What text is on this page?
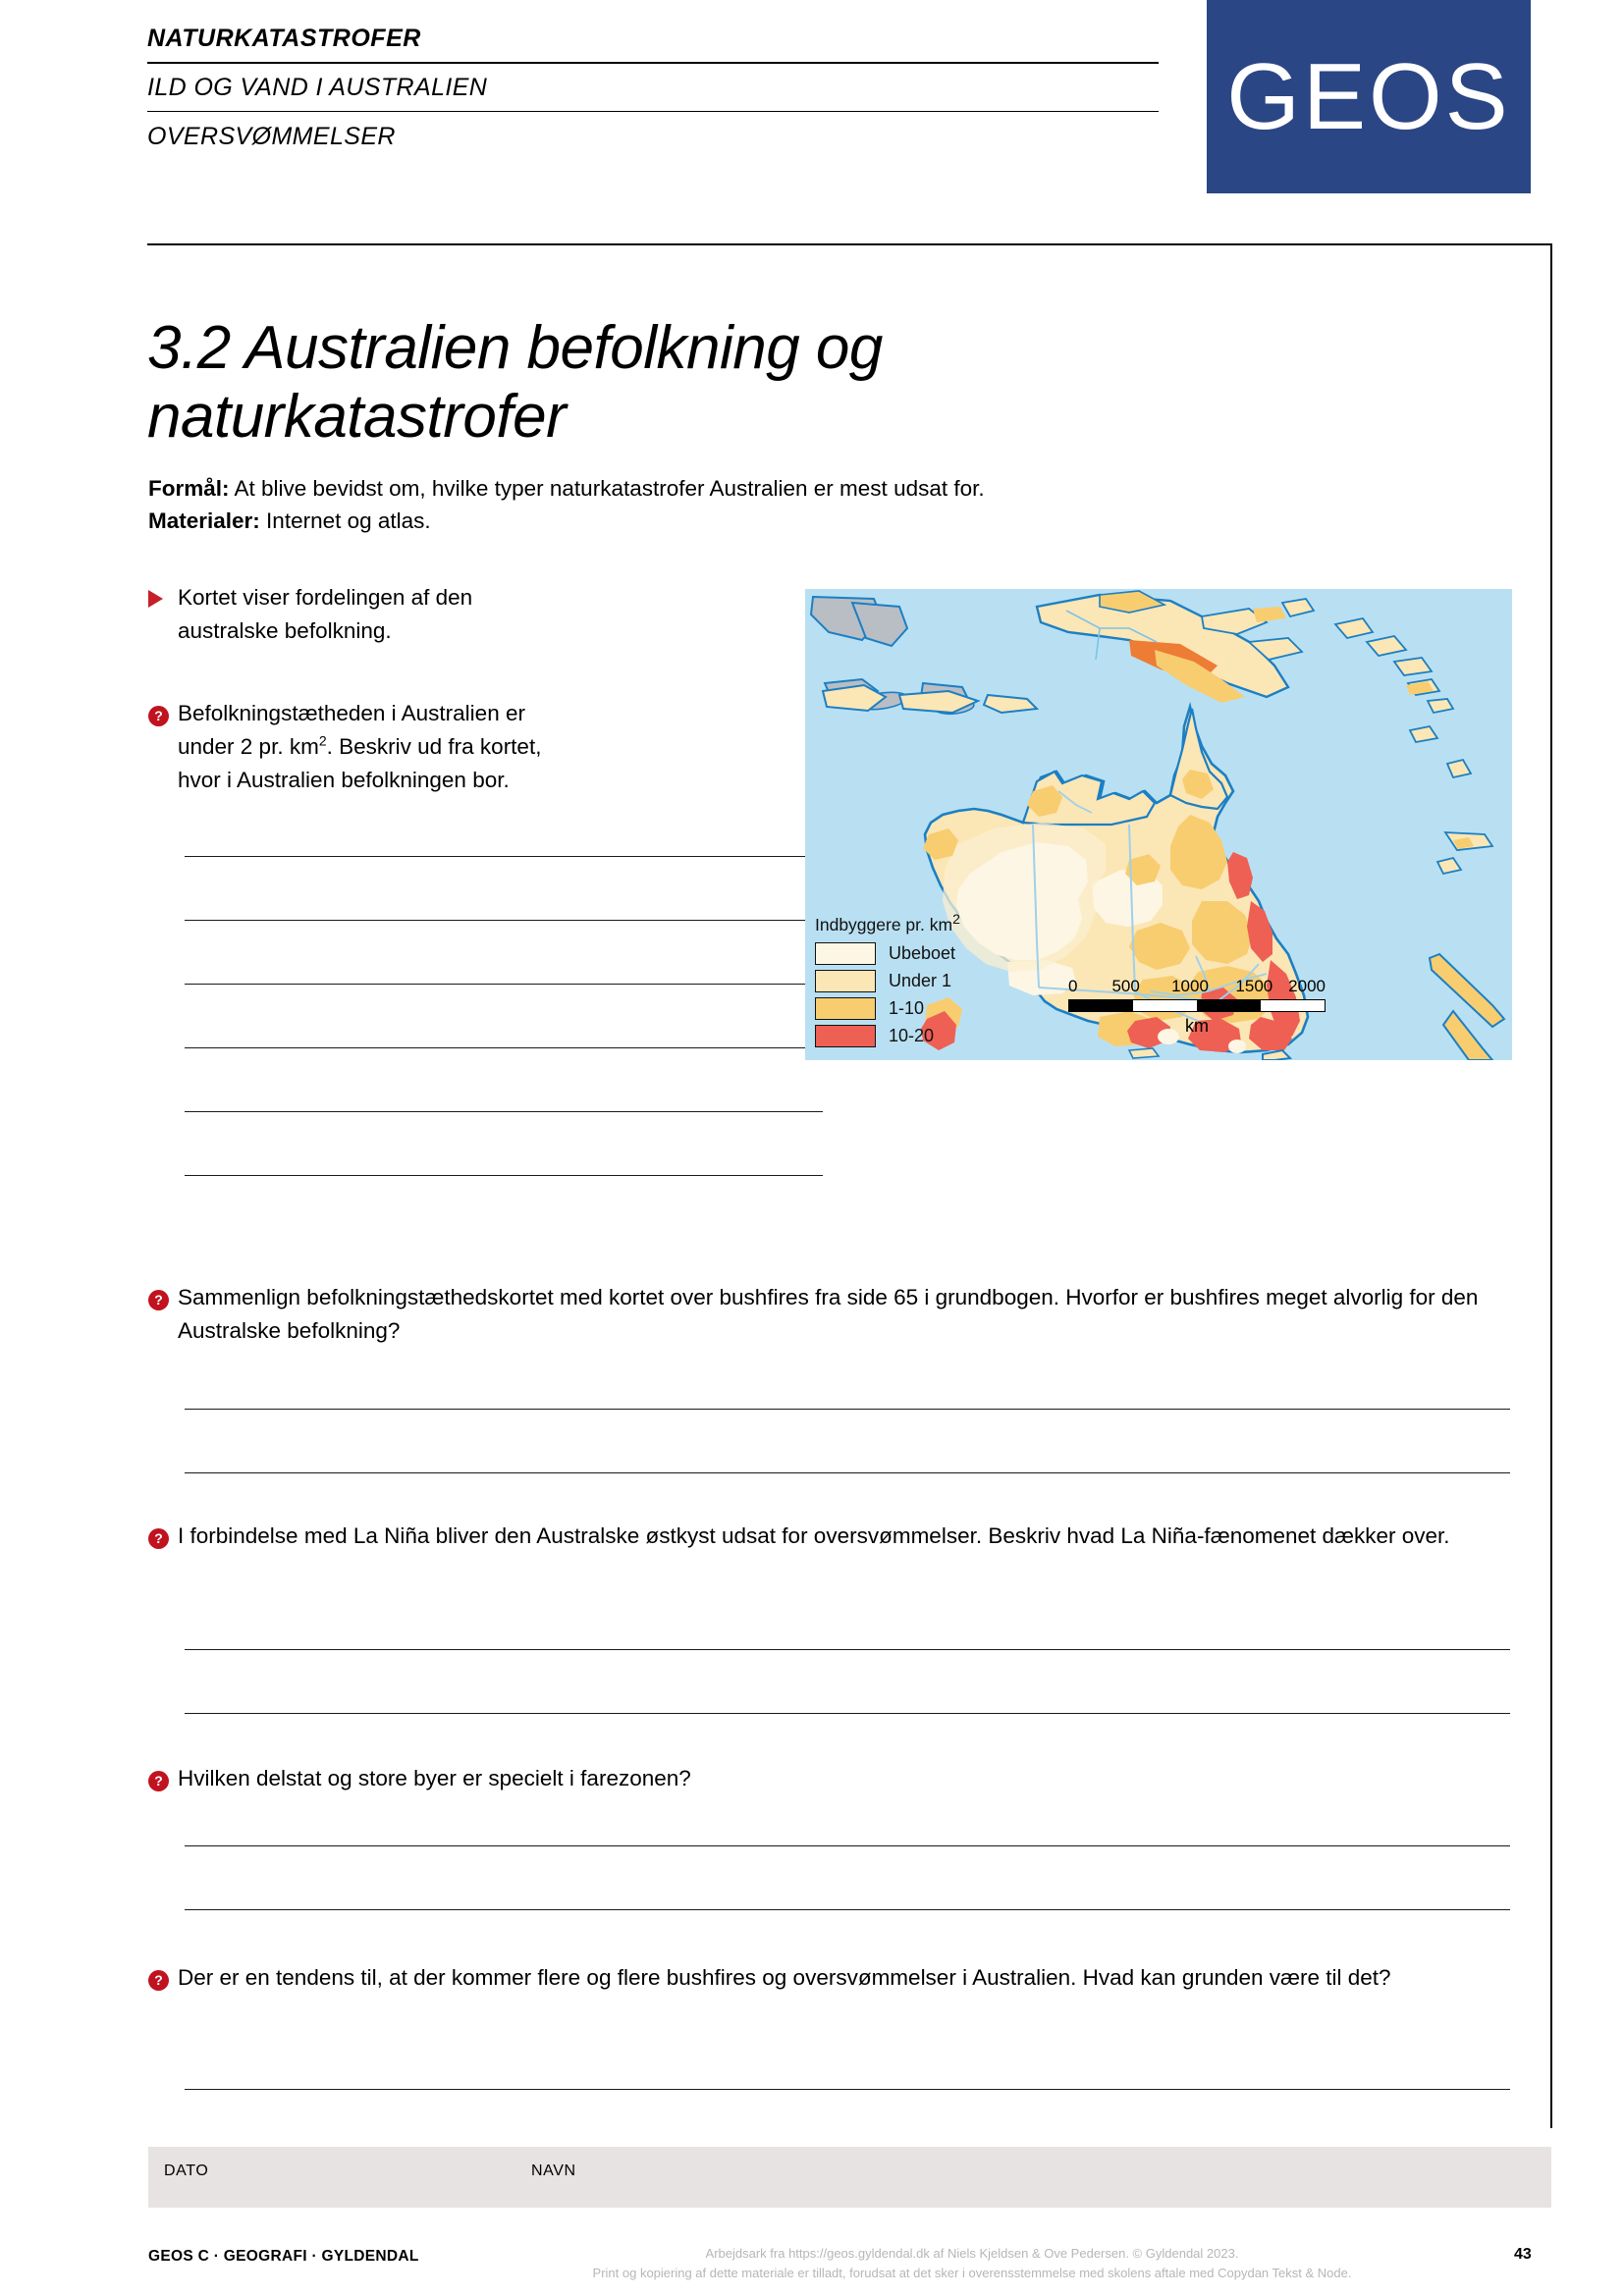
NATURKATASTROFER
ILD OG VAND I AUSTRALIEN
OVERSVØMMELSER	GEOS
3.2 Australien befolkning og naturkatastrofer
Formål: At blive bevidst om, hvilke typer naturkatastrofer Australien er mest udsat for.
Materialer: Internet og atlas.
Kortet viser fordelingen af den australske befolkning.
? Befolkningstætheden i Australien er under 2 pr. $km^2$. Beskriv ud fra kortet, hvor i Australien befolkningen bor.
Indbyggere pr. $km^2$
Ubeboet
Under 1
1-10
10-20
0	500	1000	1500 2000
km
? Sammenlign befolkningstæthedskortet med kortet over bushfires fra side 65 i grundbogen. Hvorfor er bushfires meget alvorlig for den Australske befolkning?
? I forbindelse med La Niña bliver den Australske østkyst udsat for oversvømmelser. Beskriv hvad La Niña-fænomenet dækker over.
? Hvilken delstat og store byer er specielt i farezonen?
? Der er en tendens til, at der kommer flere og flere bushfires og oversvømmelser i Australien. Hvad kan grunden være til det?
DATO	NAVN
GEOS C · GEOGRAFI · GYLDENDAL	Arbejdsark fra https://geos.gyldendal.dk af Niels Kjeldsen & Ove Pedersen. © Gyldendal 2023.
Print og kopiering af dette materiale er tilladt, forudsat at det sker i overensstemmelse med skolens aftale med Copydan Tekst & Node.
43
